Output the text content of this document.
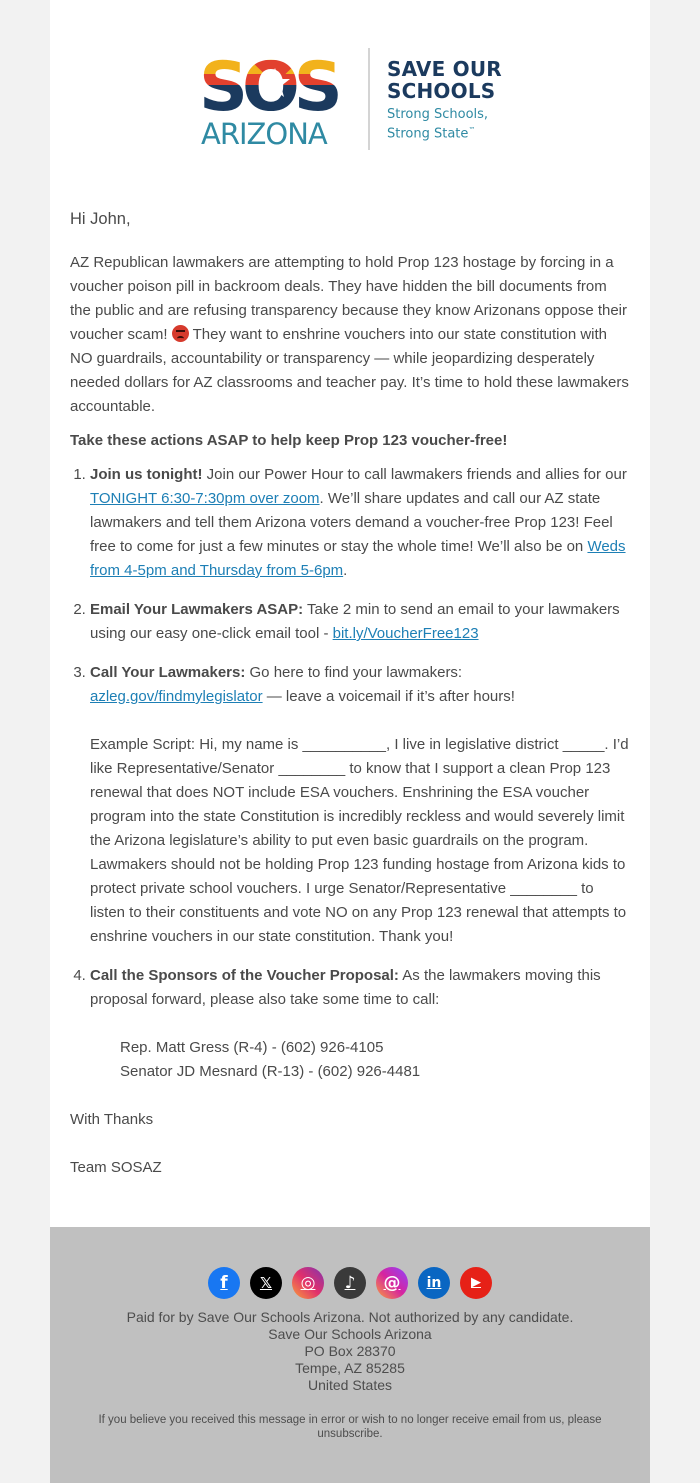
ARIZONA
SAVE OUR
SCHOOLS
Strong Schools,
Strong State™

Hi John,

AZ Republican lawmakers are attempting to hold Prop 123 hostage by forcing in a voucher poison pill in backroom deals. They have hidden the bill documents from the public and are refusing transparency because they know Arizonans oppose their voucher scam!  They want to enshrine vouchers into our state constitution with NO guardrails, accountability or transparency — while jeopardizing desperately needed dollars for AZ classrooms and teacher pay. It’s time to hold these lawmakers accountable.

Take these actions ASAP to help keep Prop 123 voucher-free!

1. Join us tonight! Join our Power Hour to call lawmakers friends and allies for our TONIGHT 6:30-7:30pm over zoom. We’ll share updates and call our AZ state lawmakers and tell them Arizona voters demand a voucher-free Prop 123! Feel free to come for just a few minutes or stay the whole time! We’ll also be on Weds from 4-5pm and Thursday from 5-6pm.
2. Email Your Lawmakers ASAP: Take 2 min to send an email to your lawmakers using our easy one-click email tool - bit.ly/VoucherFree123
3. Call Your Lawmakers: Go here to find your lawmakers: azleg.gov/findmylegislator — leave a voicemail if it’s after hours!

Example Script: Hi, my name is __________, I live in legislative district _____. I’d like Representative/Senator ________ to know that I support a clean Prop 123 renewal that does NOT include ESA vouchers. Enshrining the ESA voucher program into the state Constitution is incredibly reckless and would severely limit the Arizona legislature’s ability to put even basic guardrails on the program. Lawmakers should not be holding Prop 123 funding hostage from Arizona kids to protect private school vouchers. I urge Senator/Representative ________ to listen to their constituents and vote NO on any Prop 123 renewal that attempts to enshrine vouchers in our state constitution. Thank you!

4. Call the Sponsors of the Voucher Proposal: As the lawmakers moving this proposal forward, please also take some time to call:
Rep. Matt Gress (R-4) - (602) 926-4105
Senator JD Mesnard (R-13) - (602) 926-4481

With Thanks

Team SOSAZ

f	𝕏	◎	♪	@	in	▶
Paid for by Save Our Schools Arizona. Not authorized by any candidate.
Save Our Schools Arizona
PO Box 28370
Tempe, AZ 85285
United States
If you believe you received this message in error or wish to no longer receive email from us, please unsubscribe.
